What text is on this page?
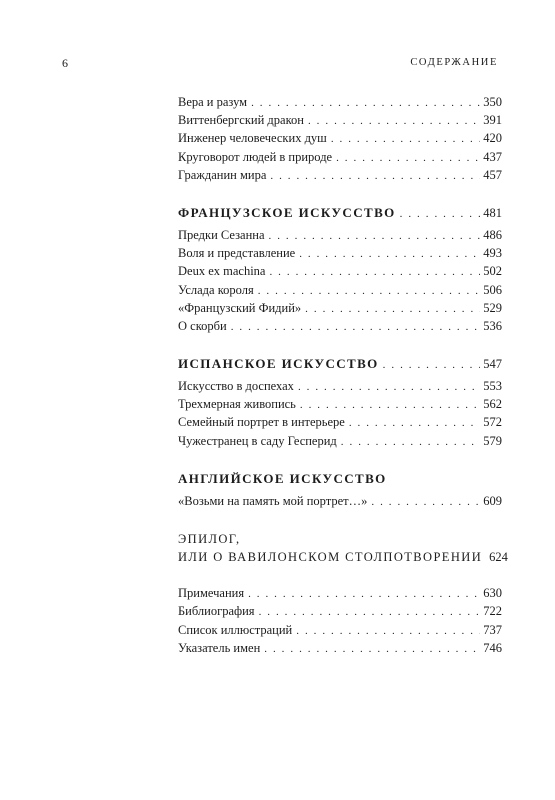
6	СОДЕРЖАНИЕ
Вера и разум . . .	350
Виттенбергский дракон . . .	391
Инженер человеческих душ . . .	420
Круговорот людей в природе . . .	437
Гражданин мира . . .	457
ФРАНЦУЗСКОЕ ИСКУССТВО . . .	481
Предки Сезанна . . .	486
Воля и представление . . .	493
Deux ex machina . . .	502
Услада короля . . .	506
«Французский Фидий» . . .	529
О скорби . . .	536
ИСПАНСКОЕ ИСКУССТВО . . .	547
Искусство в доспехах . . .	553
Трехмерная живопись . . .	562
Семейный портрет в интерьере . . .	572
Чужестранец в саду Гесперид . . .	579
АНГЛИЙСКОЕ ИСКУССТВО
«Возьми на память мой портрет…» . . .	609
ЭПИЛОГ,
ИЛИ О ВАВИЛОНСКОМ СТОЛПОТВОРЕНИИ 624
Примечания . . .	630
Библиография . . .	722
Список иллюстраций . . .	737
Указатель имен . . .	746
